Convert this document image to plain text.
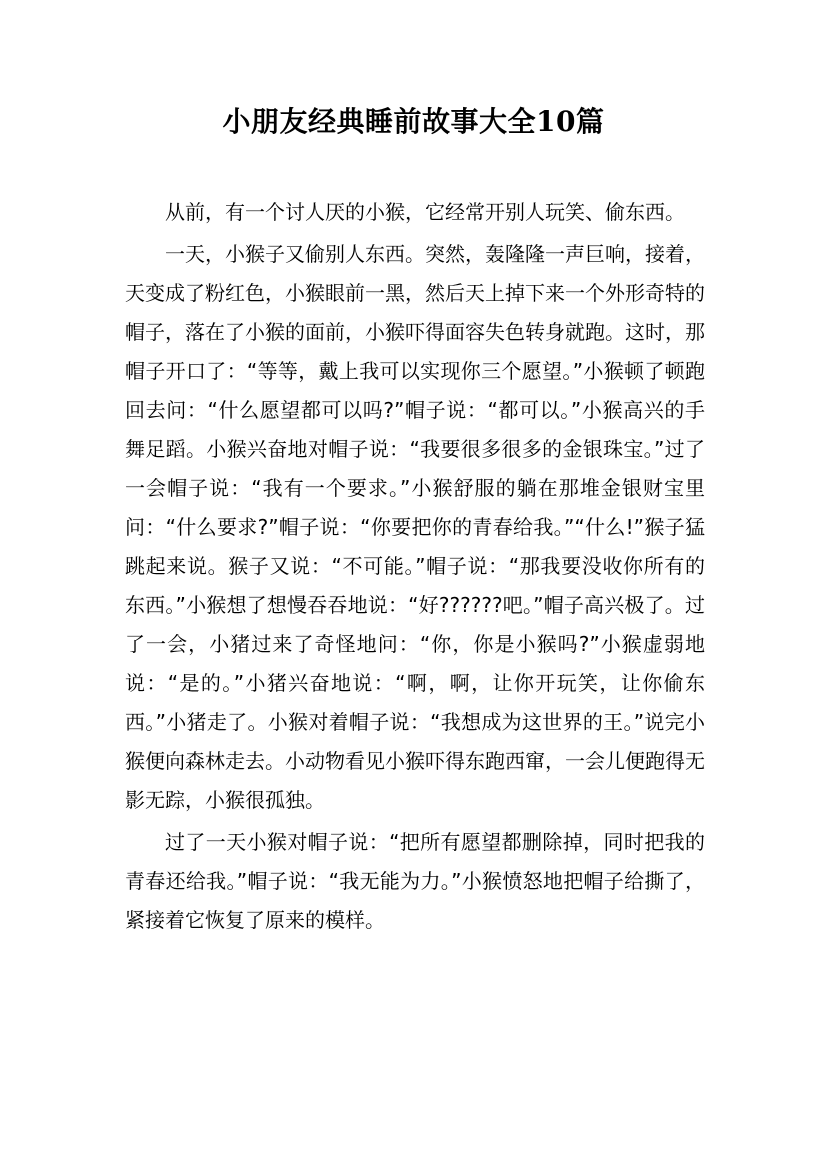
小朋友经典睡前故事大全10篇

从前，有一个讨人厌的小猴，它经常开别人玩笑、偷东西。

一天，小猴子又偷别人东西。突然，轰隆隆一声巨响，接着，天变成了粉红色，小猴眼前一黑，然后天上掉下来一个外形奇特的帽子，落在了小猴的面前，小猴吓得面容失色转身就跑。这时，那帽子开口了：“等等，戴上我可以实现你三个愿望。”小猴顿了顿跑回去问：“什么愿望都可以吗?”帽子说：“都可以。”小猴高兴的手舞足蹈。小猴兴奋地对帽子说：“我要很多很多的金银珠宝。”过了一会帽子说：“我有一个要求。”小猴舒服的躺在那堆金银财宝里问：“什么要求?”帽子说：“你要把你的青春给我。”“什么!”猴子猛跳起来说。猴子又说：“不可能。”帽子说：“那我要没收你所有的东西。”小猴想了想慢吞吞地说：“好??????吧。”帽子高兴极了。过了一会，小猪过来了奇怪地问：“你，你是小猴吗?”小猴虚弱地说：“是的。”小猪兴奋地说：“啊，啊，让你开玩笑，让你偷东西。”小猪走了。小猴对着帽子说：“我想成为这世界的王。”说完小猴便向森林走去。小动物看见小猴吓得东跑西窜，一会儿便跑得无影无踪，小猴很孤独。

过了一天小猴对帽子说：“把所有愿望都删除掉，同时把我的青春还给我。”帽子说：“我无能为力。”小猴愤怒地把帽子给撕了，紧接着它恢复了原来的模样。
